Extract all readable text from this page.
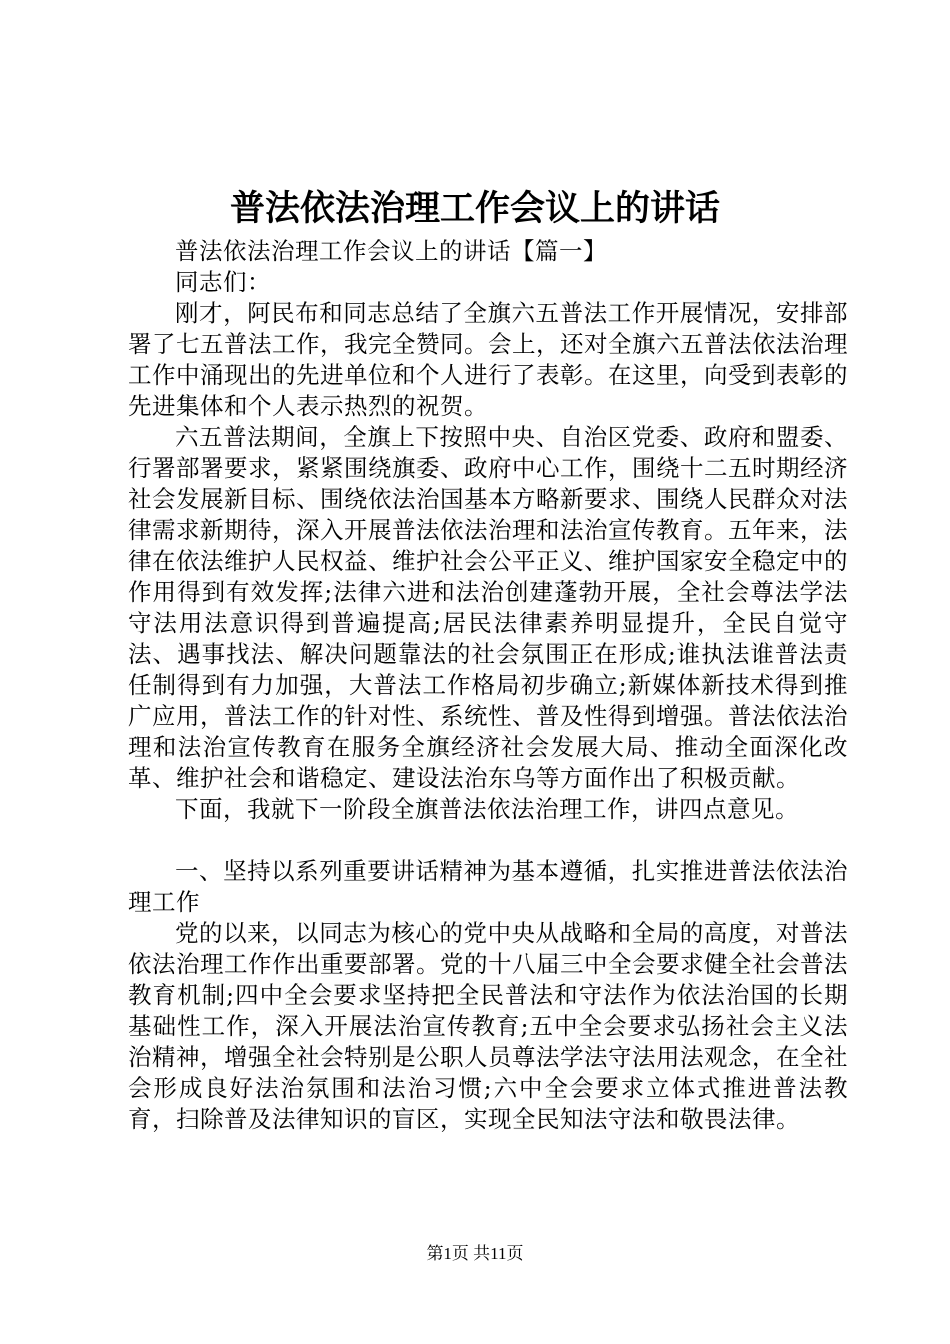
普法依法治理工作会议上的讲话

普法依法治理工作会议上的讲话【篇一】

同志们：

刚才，阿民布和同志总结了全旗六五普法工作开展情况，安排部署了七五普法工作，我完全赞同。会上，还对全旗六五普法依法治理工作中涌现出的先进单位和个人进行了表彰。在这里，向受到表彰的先进集体和个人表示热烈的祝贺。

六五普法期间，全旗上下按照中央、自治区党委、政府和盟委、行署部署要求，紧紧围绕旗委、政府中心工作，围绕十二五时期经济社会发展新目标、围绕依法治国基本方略新要求、围绕人民群众对法律需求新期待，深入开展普法依法治理和法治宣传教育。五年来，法律在依法维护人民权益、维护社会公平正义、维护国家安全稳定中的作用得到有效发挥;法律六进和法治创建蓬勃开展，全社会尊法学法守法用法意识得到普遍提高;居民法律素养明显提升，全民自觉守法、遇事找法、解决问题靠法的社会氛围正在形成;谁执法谁普法责任制得到有力加强，大普法工作格局初步确立;新媒体新技术得到推广应用，普法工作的针对性、系统性、普及性得到增强。普法依法治理和法治宣传教育在服务全旗经济社会发展大局、推动全面深化改革、维护社会和谐稳定、建设法治东乌等方面作出了积极贡献。

下面，我就下一阶段全旗普法依法治理工作，讲四点意见。

一、坚持以系列重要讲话精神为基本遵循，扎实推进普法依法治理工作

党的以来，以同志为核心的党中央从战略和全局的高度，对普法依法治理工作作出重要部署。党的十八届三中全会要求健全社会普法教育机制;四中全会要求坚持把全民普法和守法作为依法治国的长期基础性工作，深入开展法治宣传教育;五中全会要求弘扬社会主义法治精神，增强全社会特别是公职人员尊法学法守法用法观念，在全社会形成良好法治氛围和法治习惯;六中全会要求立体式推进普法教育，扫除普及法律知识的盲区，实现全民知法守法和敬畏法律。

第1页 共11页
